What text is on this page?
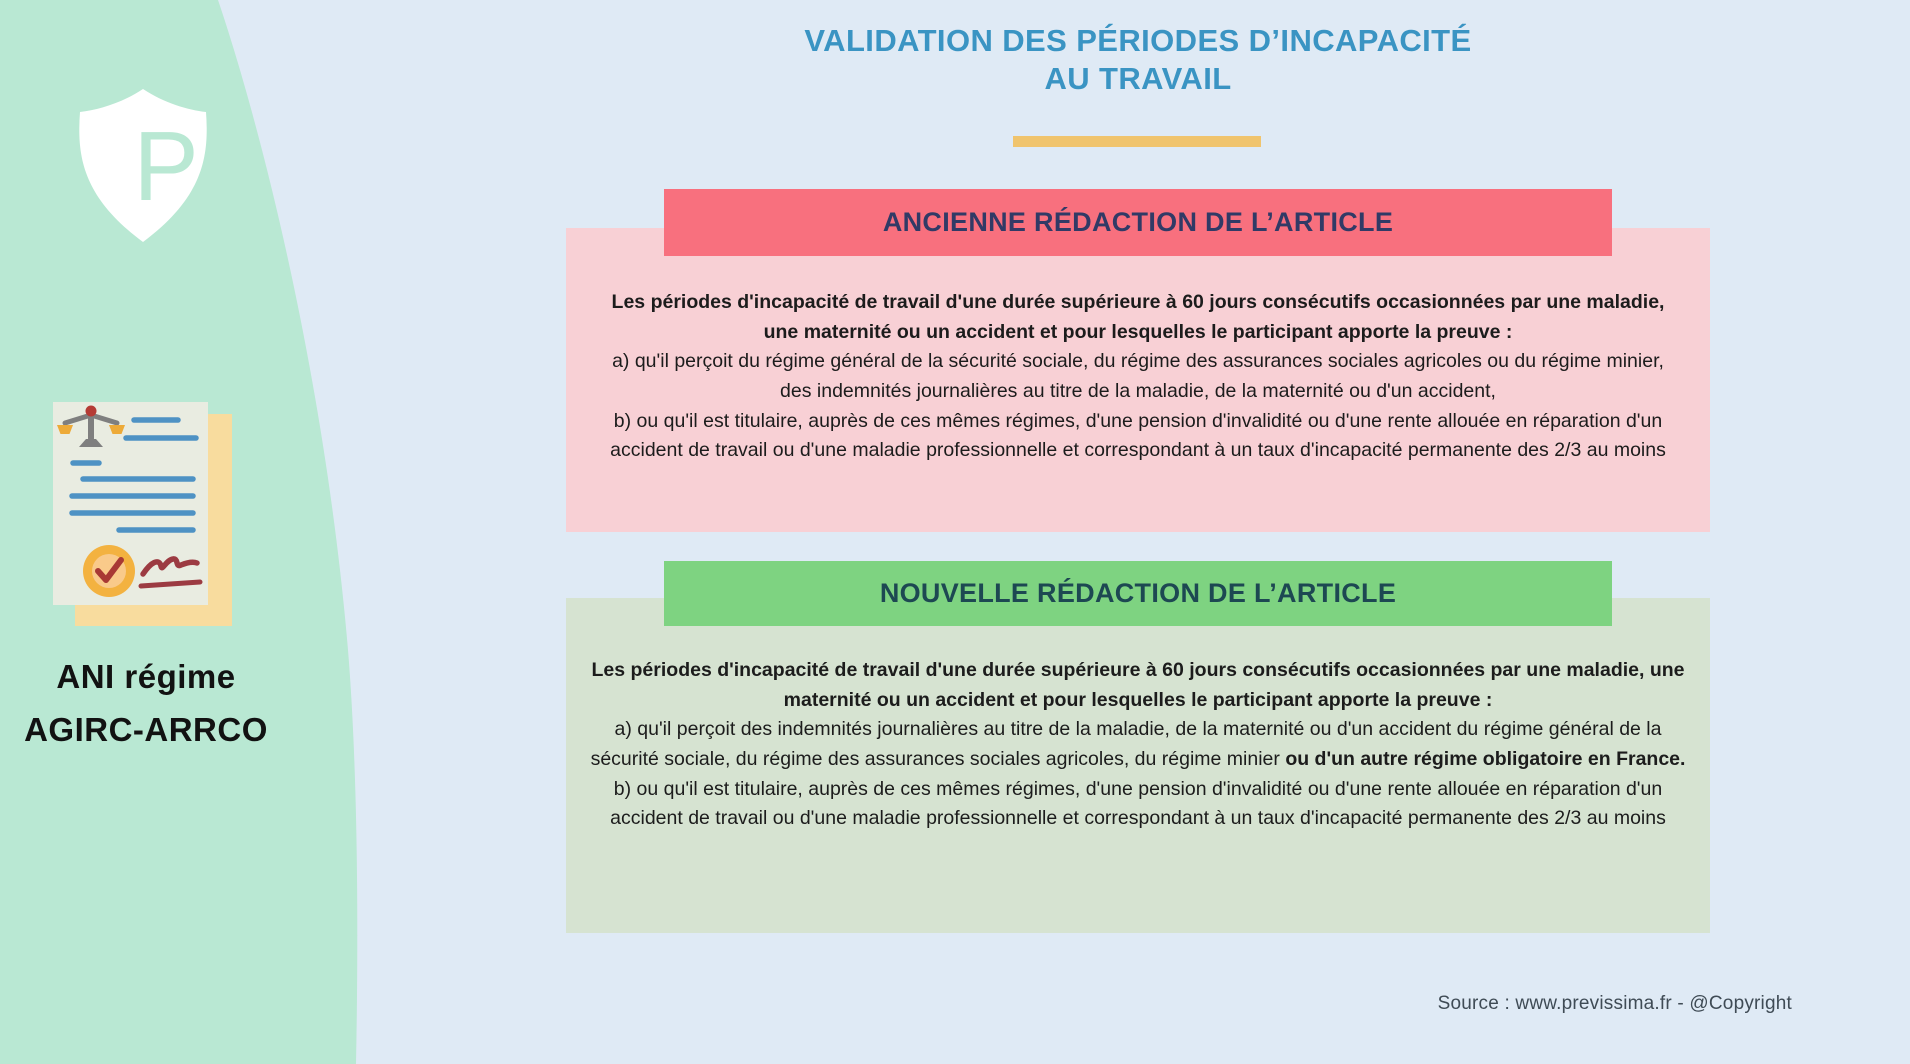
P
ANI régime
AGIRC-ARRCO
VALIDATION DES PÉRIODES D’INCAPACITÉ
AU TRAVAIL
ANCIENNE RÉDACTION DE L’ARTICLE

Les périodes d'incapacité de travail d'une durée supérieure à 60 jours consécutifs occasionnées par une maladie, une maternité ou un accident et pour lesquelles le participant apporte la preuve :

a) qu'il perçoit du régime général de la sécurité sociale, du régime des assurances sociales agricoles ou du régime minier, des indemnités journalières au titre de la maladie, de la maternité ou d'un accident,

b) ou qu'il est titulaire, auprès de ces mêmes régimes, d'une pension d'invalidité ou d'une rente allouée en réparation d'un accident de travail ou d'une maladie professionnelle et correspondant à un taux d'incapacité permanente des 2/3 au moins

NOUVELLE RÉDACTION DE L’ARTICLE

Les périodes d'incapacité de travail d'une durée supérieure à 60 jours consécutifs occasionnées par une maladie, une maternité ou un accident et pour lesquelles le participant apporte la preuve :

a) qu'il perçoit des indemnités journalières au titre de la maladie, de la maternité ou d'un accident du régime général de la sécurité sociale, du régime des assurances sociales agricoles, du régime minier ou d'un autre régime obligatoire en France.

b) ou qu'il est titulaire, auprès de ces mêmes régimes, d'une pension d'invalidité ou d'une rente allouée en réparation d'un accident de travail ou d'une maladie professionnelle et correspondant à un taux d'incapacité permanente des 2/3 au moins

Source : www.previssima.fr - @Copyright
